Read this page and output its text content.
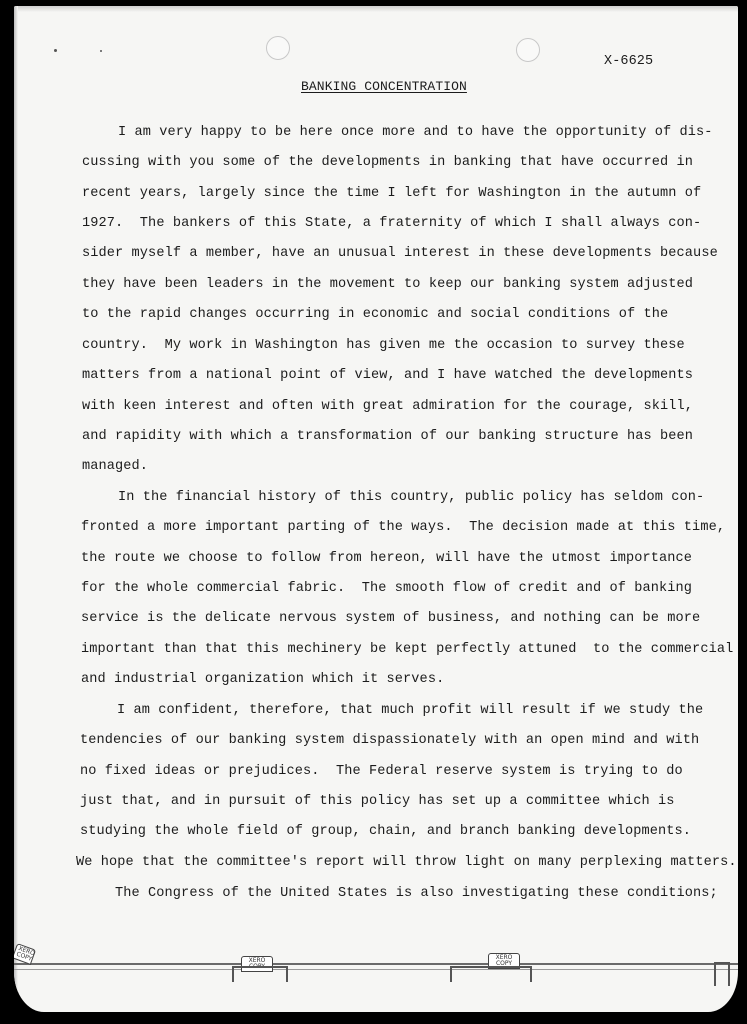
X-6625
BANKING CONCENTRATION
I am very happy to be here once more and to have the opportunity of dis-
cussing with you some of the developments in banking that have occurred in
recent years, largely since the time I left for Washington in the autumn of
1927.  The bankers of this State, a fraternity of which I shall always con-
sider myself a member, have an unusual interest in these developments because
they have been leaders in the movement to keep our banking system adjusted
to the rapid changes occurring in economic and social conditions of the
country.  My work in Washington has given me the occasion to survey these
matters from a national point of view, and I have watched the developments
with keen interest and often with great admiration for the courage, skill,
and rapidity with which a transformation of our banking structure has been
managed.
In the financial history of this country, public policy has seldom con-
fronted a more important parting of the ways.  The decision made at this time,
the route we choose to follow from hereon, will have the utmost importance
for the whole commercial fabric.  The smooth flow of credit and of banking
service is the delicate nervous system of business, and nothing can be more
important than that this mechinery be kept perfectly attuned  to the commercial
and industrial organization which it serves.
I am confident, therefore, that much profit will result if we study the
tendencies of our banking system dispassionately with an open mind and with
no fixed ideas or prejudices.  The Federal reserve system is trying to do
just that, and in pursuit of this policy has set up a committee which is
studying the whole field of group, chain, and branch banking developments.
We hope that the committee's report will throw light on many perplexing matters.
The Congress of the United States is also investigating these conditions;
XERO COPY	XERO COPY
XERO COPY
